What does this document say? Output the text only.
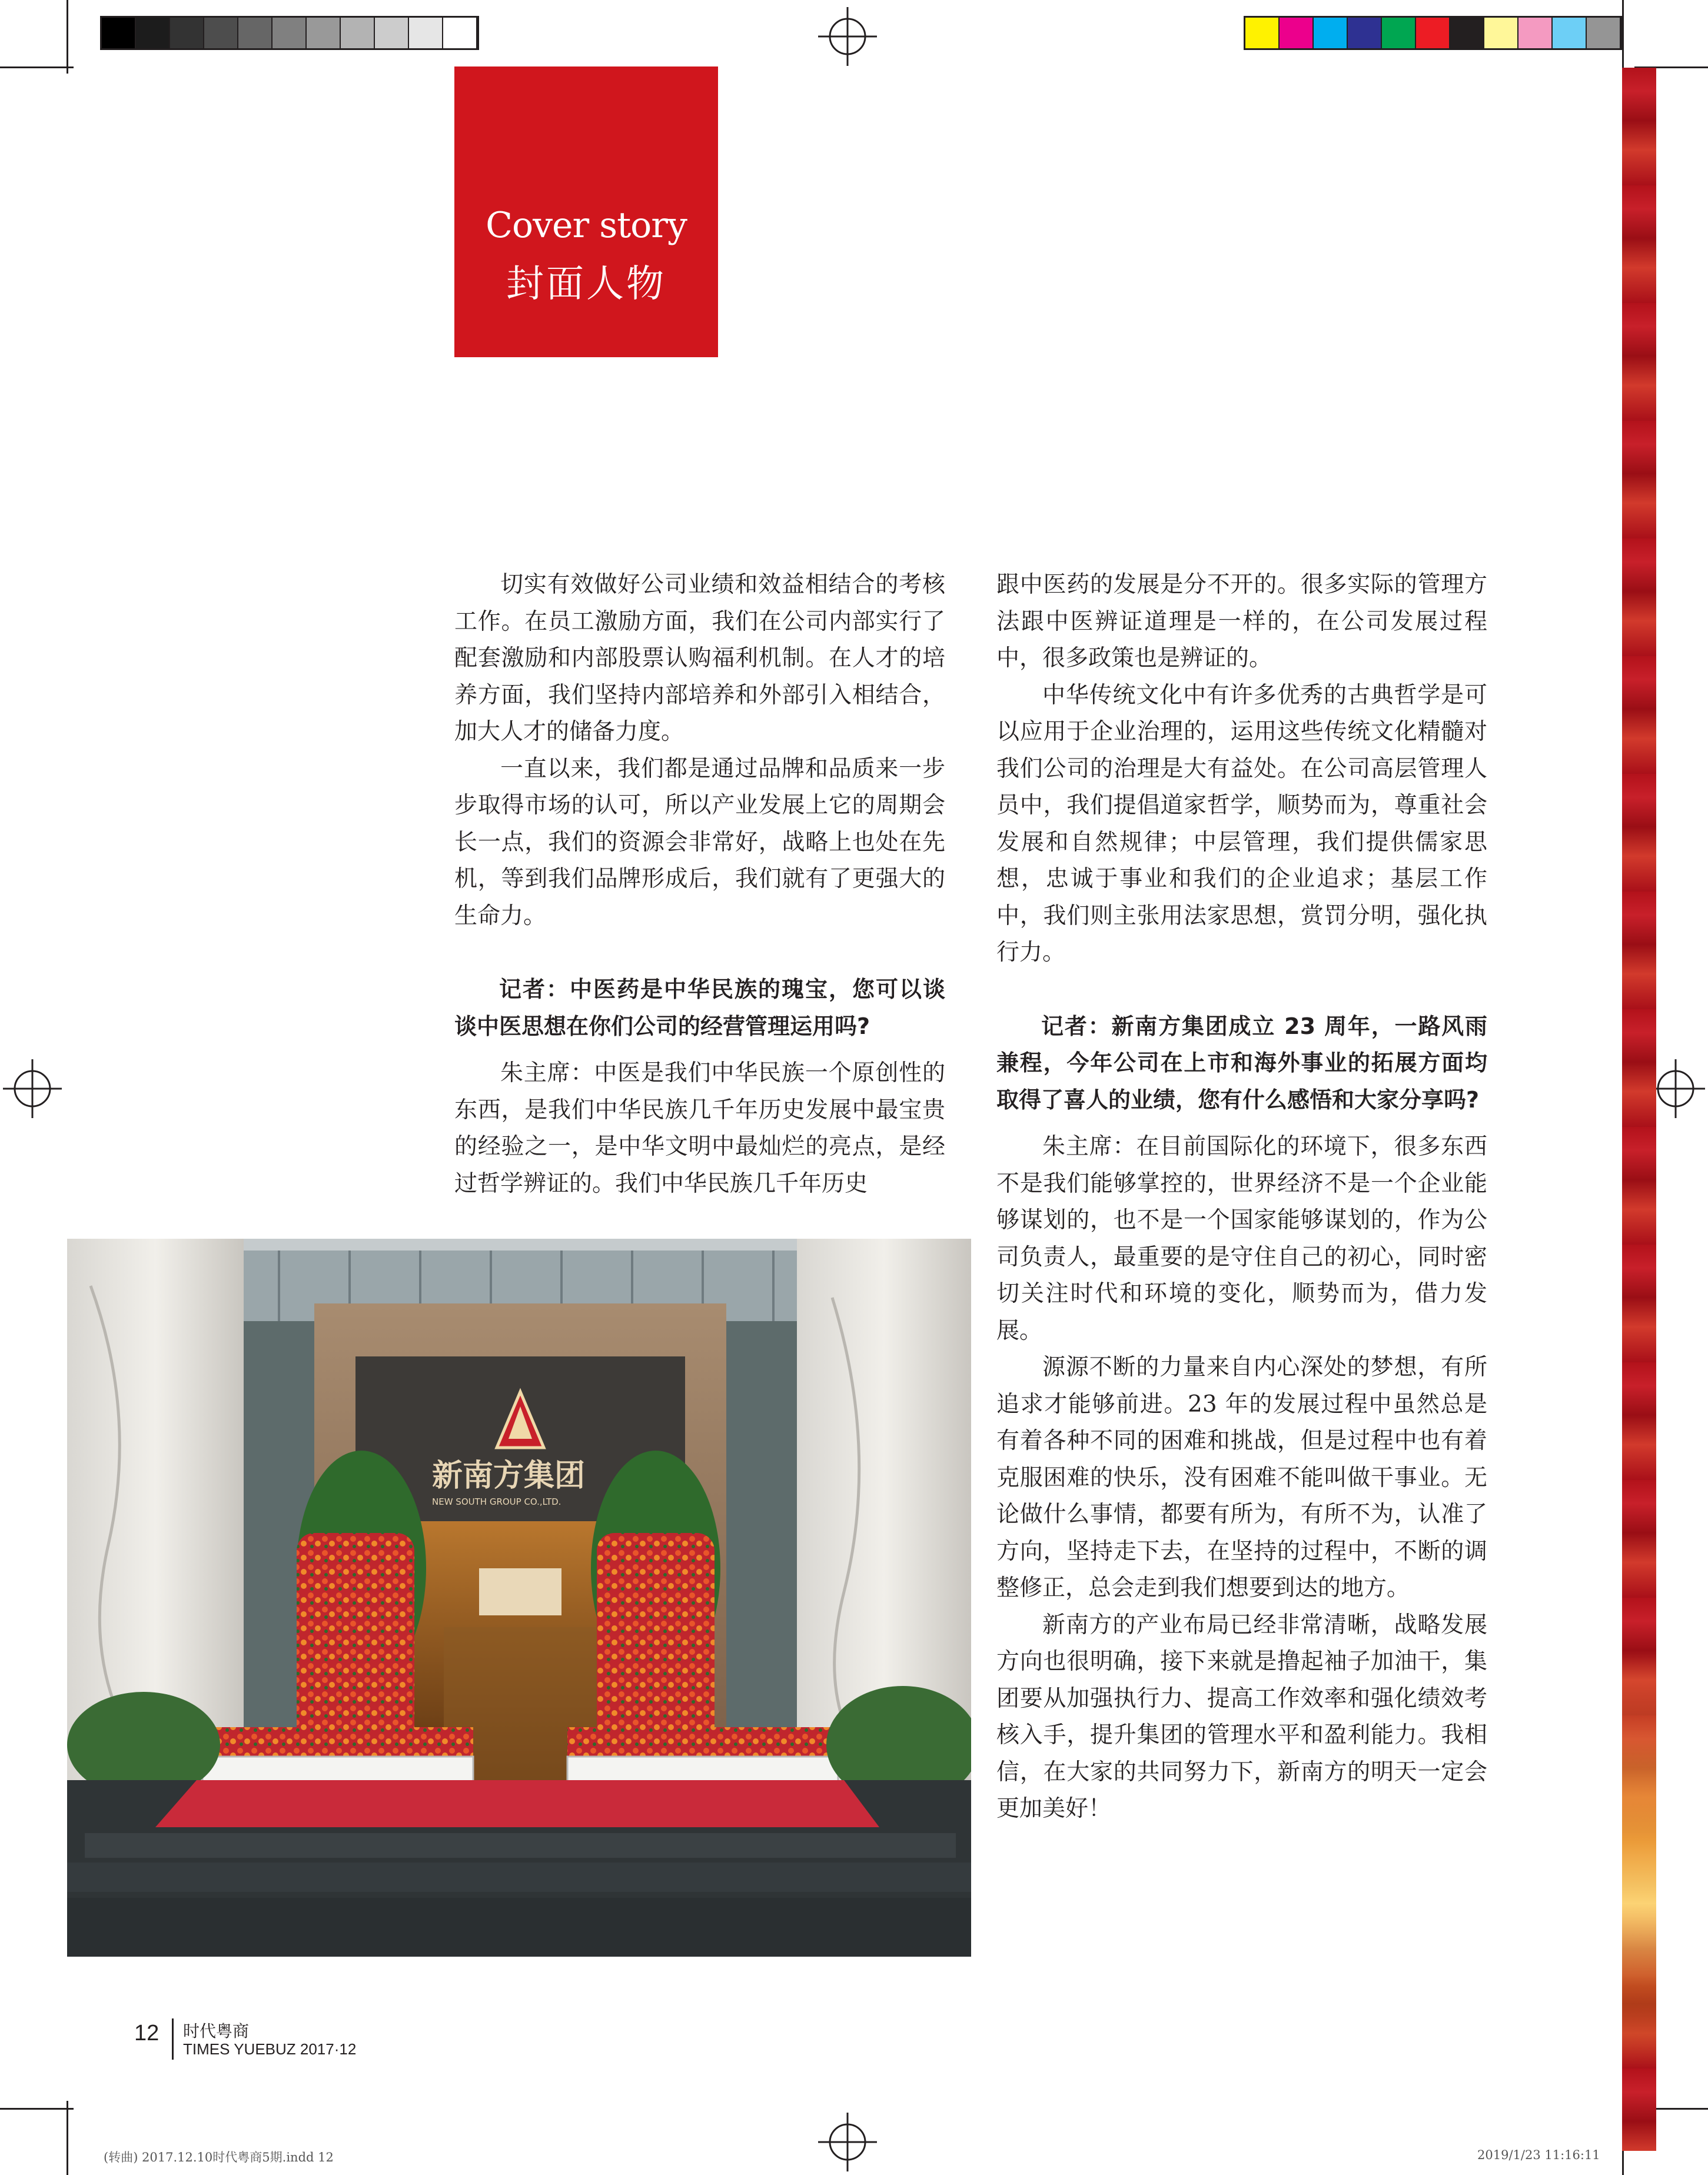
Cover story
封面人物

切实有效做好公司业绩和效益相结合的考核工作。在员工激励方面，我们在公司内部实行了配套激励和内部股票认购福利机制。在人才的培养方面，我们坚持内部培养和外部引入相结合，加大人才的储备力度。

一直以来，我们都是通过品牌和品质来一步步取得市场的认可，所以产业发展上它的周期会长一点，我们的资源会非常好，战略上也处在先机，等到我们品牌形成后，我们就有了更强大的生命力。

记者：中医药是中华民族的瑰宝，您可以谈谈中医思想在你们公司的经营管理运用吗?

朱主席：中医是我们中华民族一个原创性的东西，是我们中华民族几千年历史发展中最宝贵的经验之一，是中华文明中最灿烂的亮点，是经过哲学辨证的。我们中华民族几千年历史

跟中医药的发展是分不开的。很多实际的管理方法跟中医辨证道理是一样的，在公司发展过程中，很多政策也是辨证的。

中华传统文化中有许多优秀的古典哲学是可以应用于企业治理的，运用这些传统文化精髓对我们公司的治理是大有益处。在公司高层管理人员中，我们提倡道家哲学，顺势而为，尊重社会发展和自然规律；中层管理，我们提供儒家思想，忠诚于事业和我们的企业追求；基层工作中，我们则主张用法家思想，赏罚分明，强化执行力。

记者：新南方集团成立 23 周年，一路风雨兼程，今年公司在上市和海外事业的拓展方面均取得了喜人的业绩，您有什么感悟和大家分享吗?

朱主席：在目前国际化的环境下，很多东西不是我们能够掌控的，世界经济不是一个企业能够谋划的，也不是一个国家能够谋划的，作为公司负责人，最重要的是守住自己的初心，同时密切关注时代和环境的变化，顺势而为，借力发展。

源源不断的力量来自内心深处的梦想，有所追求才能够前进。23 年的发展过程中虽然总是有着各种不同的困难和挑战，但是过程中也有着克服困难的快乐，没有困难不能叫做干事业。无论做什么事情，都要有所为，有所不为，认准了方向，坚持走下去，在坚持的过程中，不断的调整修正，总会走到我们想要到达的地方。

新南方的产业布局已经非常清晰，战略发展方向也很明确，接下来就是撸起袖子加油干，集团要从加强执行力、提高工作效率和强化绩效考核入手，提升集团的管理水平和盈利能力。我相信，在大家的共同努力下，新南方的明天一定会更加美好！

新南方集团
NEW SOUTH GROUP CO.,LTD.
12 时代粤商
TIMES YUEBUZ 2017·12
(转曲) 2017.12.10时代粤商5期.indd 12	2019/1/23 11:16:11
